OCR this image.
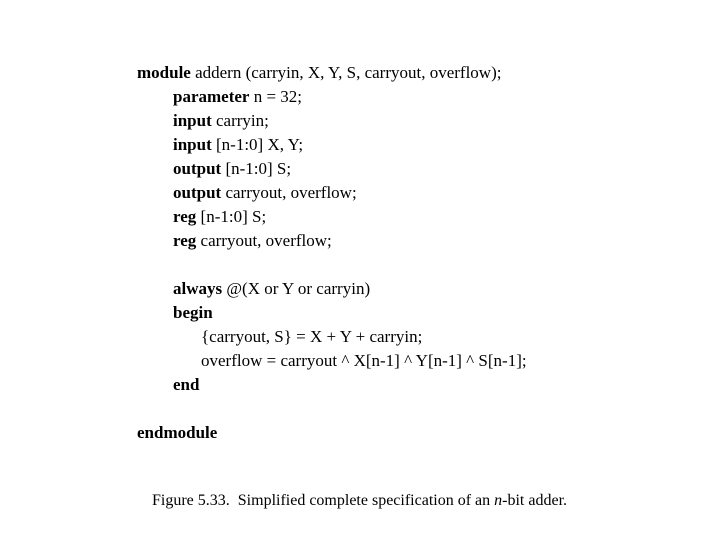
module addern (carryin, X, Y, S, carryout, overflow);
parameter n = 32;
input carryin;
input [n-1:0] X, Y;
output [n-1:0] S;
output carryout, overflow;
reg [n-1:0] S;
reg carryout, overflow;
always @(X or Y or carryin)
begin
{carryout, S} = X + Y + carryin;
overflow = carryout ^ X[n-1] ^ Y[n-1] ^ S[n-1];
end
endmodule
Figure 5.33.  Simplified complete specification of an n-bit adder.
